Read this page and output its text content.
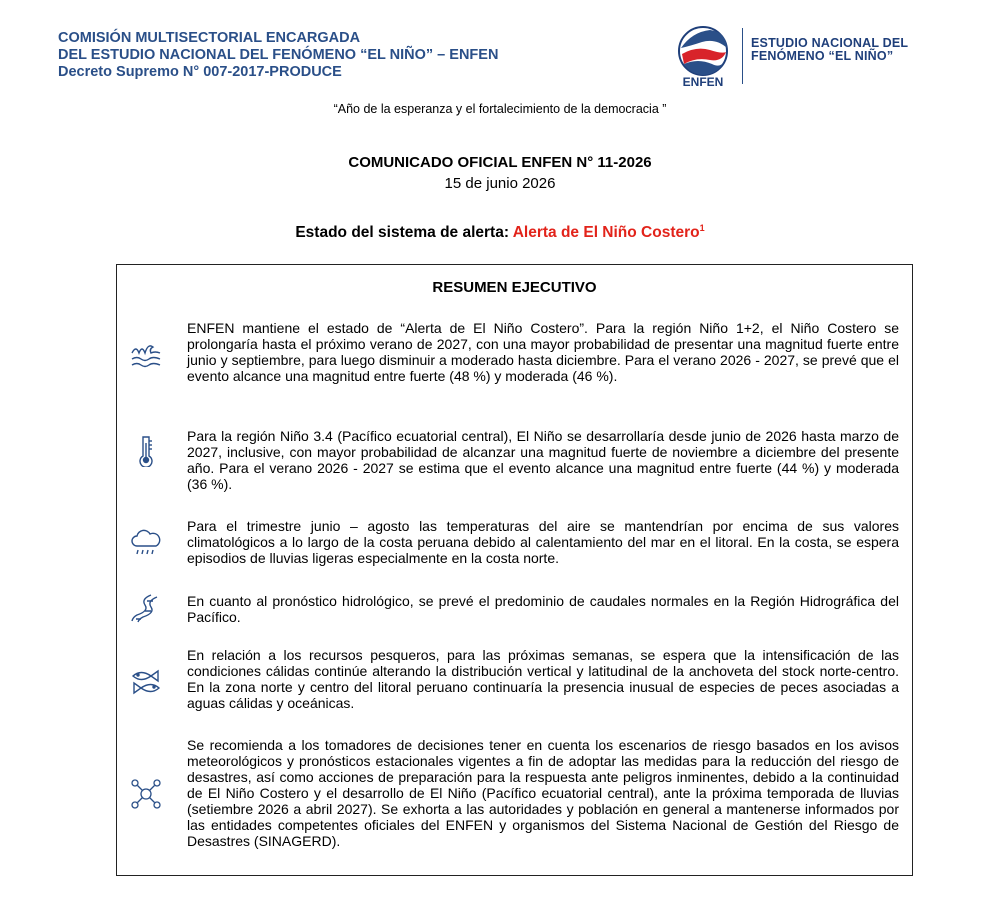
COMISIÓN MULTISECTORIAL ENCARGADA
DEL ESTUDIO NACIONAL DEL FENÓMENO “EL NIÑO” – ENFEN
Decreto Supremo N° 007-2017-PRODUCE
ENFEN
ESTUDIO NACIONAL DEL
FENÓMENO “EL NIÑO”
“Año de la esperanza y el fortalecimiento de la democracia ”
COMUNICADO OFICIAL ENFEN N° 11-2026
15 de junio 2026
Estado del sistema de alerta: Alerta de El Niño Costero$^1$
RESUMEN EJECUTIVO

ENFEN mantiene el estado de “Alerta de El Niño Costero”. Para la región Niño 1+2, el Niño Costero se prolongaría hasta el próximo verano de 2027, con una mayor probabilidad de presentar una magnitud fuerte entre junio y septiembre, para luego disminuir a moderado hasta diciembre. Para el verano 2026 - 2027, se prevé que el evento alcance una magnitud entre fuerte (48 %) y moderada (46 %).

Para la región Niño 3.4 (Pacífico ecuatorial central), El Niño se desarrollaría desde junio de 2026 hasta marzo de 2027, inclusive, con mayor probabilidad de alcanzar una magnitud fuerte de noviembre a diciembre del presente año. Para el verano 2026 - 2027 se estima que el evento alcance una magnitud entre fuerte (44 %) y moderada (36 %).

Para el trimestre junio – agosto las temperaturas del aire se mantendrían por encima de sus valores climatológicos a lo largo de la costa peruana debido al calentamiento del mar en el litoral. En la costa, se espera episodios de lluvias ligeras especialmente en la costa norte.

En cuanto al pronóstico hidrológico, se prevé el predominio de caudales normales en la Región Hidrográfica del Pacífico.

En relación a los recursos pesqueros, para las próximas semanas, se espera que la intensificación de las condiciones cálidas continúe alterando la distribución vertical y latitudinal de la anchoveta del stock norte-centro. En la zona norte y centro del litoral peruano continuaría la presencia inusual de especies de peces asociadas a aguas cálidas y oceánicas.

Se recomienda a los tomadores de decisiones tener en cuenta los escenarios de riesgo basados en los avisos meteorológicos y pronósticos estacionales vigentes a fin de adoptar las medidas para la reducción del riesgo de desastres, así como acciones de preparación para la respuesta ante peligros inminentes, debido a la continuidad de El Niño Costero y el desarrollo de El Niño (Pacífico ecuatorial central), ante la próxima temporada de lluvias (setiembre 2026 a abril 2027). Se exhorta a las autoridades y población en general a mantenerse informados por las entidades competentes oficiales del ENFEN y organismos del Sistema Nacional de Gestión del Riesgo de Desastres (SINAGERD).
